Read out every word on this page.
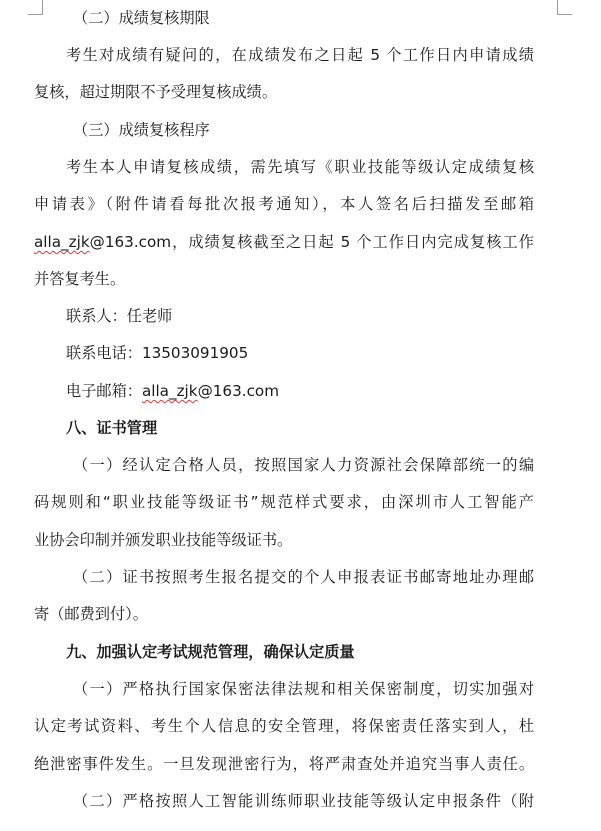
（二）成绩复核期限
考生对成绩有疑问的，在成绩发布之日起 5 个工作日内申请成绩
复核，超过期限不予受理复核成绩。
（三）成绩复核程序
考生本人申请复核成绩，需先填写《职业技能等级认定成绩复核
申请表》（附件请看每批次报考通知），本人签名后扫描发至邮箱
alla_zjk@163.com，成绩复核截至之日起 5 个工作日内完成复核工作
并答复考生。
联系人：任老师
联系电话：13503091905
电子邮箱：alla_zjk@163.com
八、证书管理
（一）经认定合格人员，按照国家人力资源社会保障部统一的编
码规则和“职业技能等级证书”规范样式要求，由深圳市人工智能产
业协会印制并颁发职业技能等级证书。
（二）证书按照考生报名提交的个人申报表证书邮寄地址办理邮
寄（邮费到付）。
九、加强认定考试规范管理，确保认定质量
（一）严格执行国家保密法律法规和相关保密制度，切实加强对
认定考试资料、考生个人信息的安全管理，将保密责任落实到人，杜
绝泄密事件发生。一旦发现泄密行为，将严肃查处并追究当事人责任。
（二）严格按照人工智能训练师职业技能等级认定申报条件（附
